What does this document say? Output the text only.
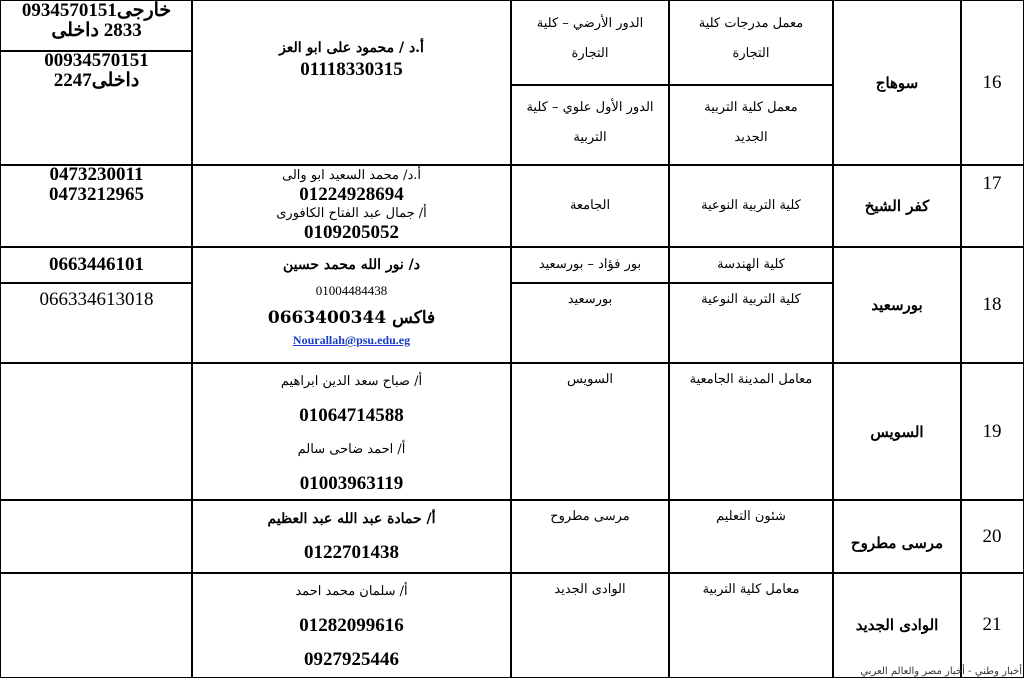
16
سوهاج
معمل مدرجات كلية التجارة
معمل كلية التربية الجديد
الدور الأرضي – كلية التجارة
الدور الأول علوي – كلية التربية
أ.د / محمود على ابو العز
01118330315
0934570151خارجى
2833 داخلى
00934570151
2247داخلى
17
كفر الشيخ
كلية التربية النوعية
الجامعة
أ.د/ محمد السعيد ابو والى
01224928694
أ/ جمال عبد الفتاح الكافورى
0109205052
0473230011
0473212965
18
بورسعيد
كلية الهندسة
كلية التربية النوعية
بور فؤاد – بورسعيد
بورسعيد
د/ نور الله محمد حسين
01004484438
فاكس 0663400344
Nourallah@psu.edu.eg
0663446101
066334613018
19
السويس
معامل المدينة الجامعية
السويس
أ/ صباح سعد الدين ابراهيم
01064714588
أ/ احمد ضاحى سالم
01003963119
20
مرسى مطروح
شئون التعليم
مرسى مطروح
أ/ حمادة عبد الله عبد العظيم
0122701438
21
الوادى الجديد
معامل كلية التربية
الوادى الجديد
أ/ سلمان محمد احمد
01282099616
0927925446
أخبار وطني - أخبار مصر والعالم العربي
